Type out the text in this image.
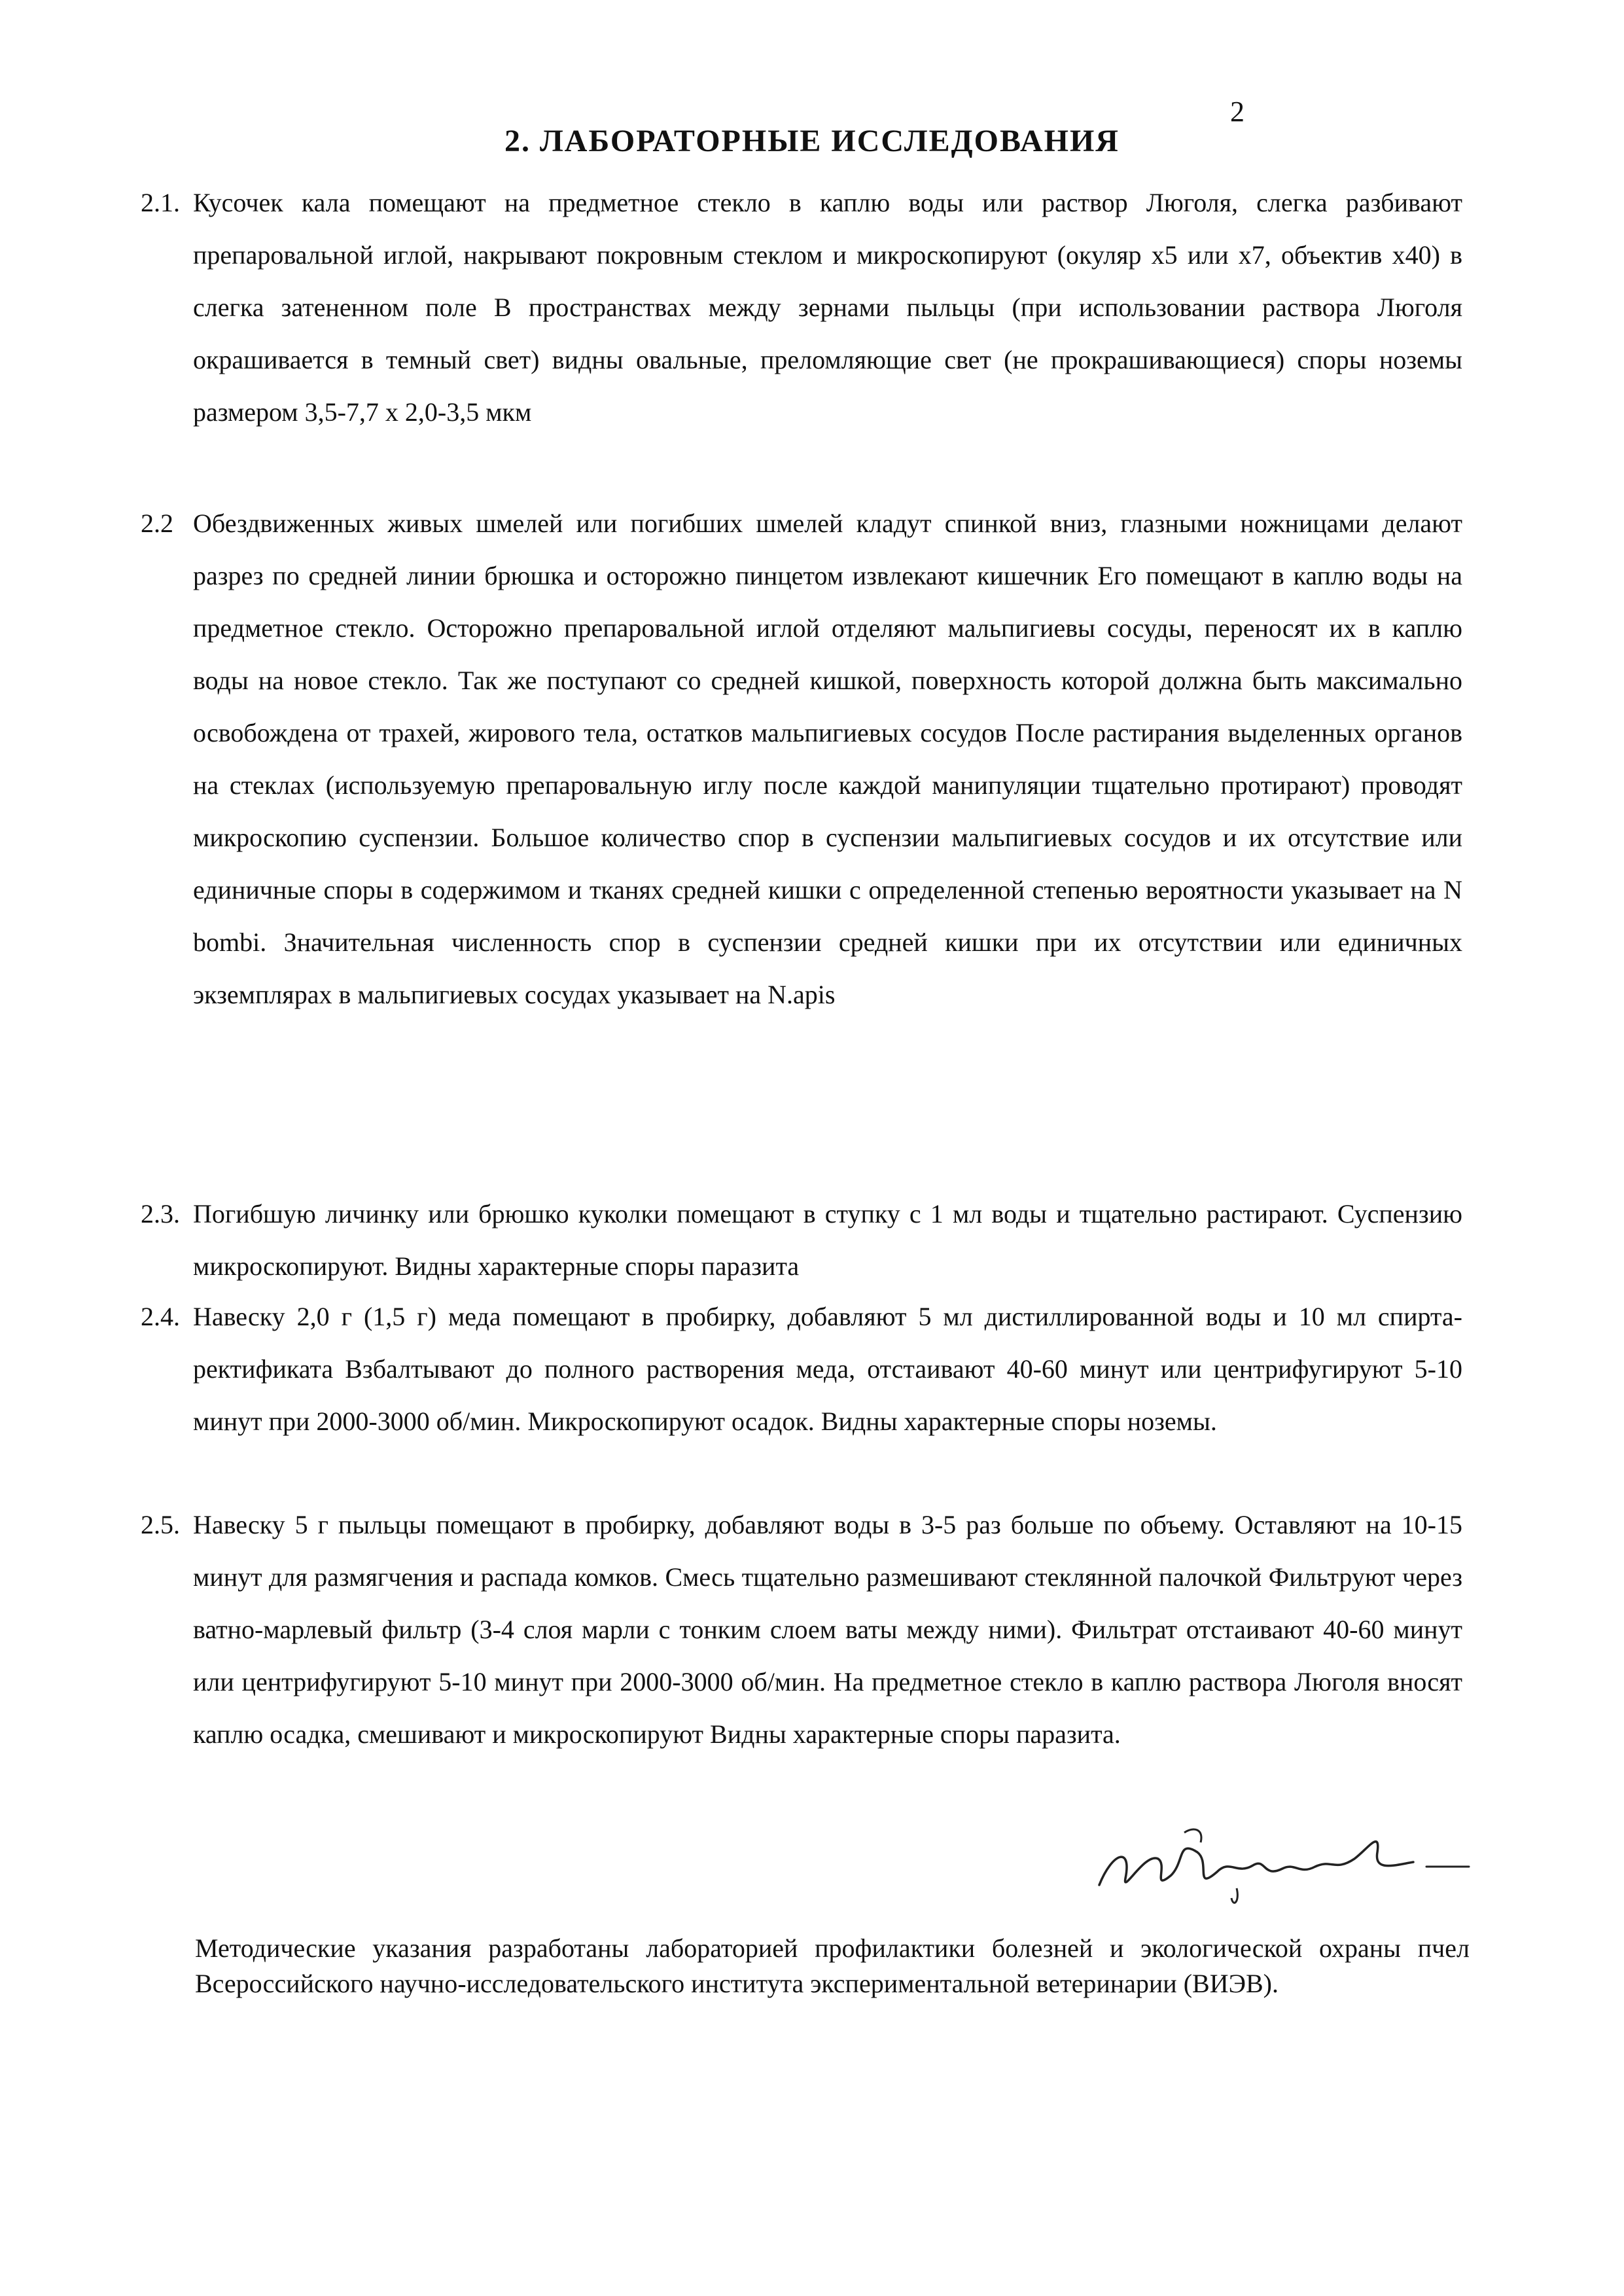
2
2. ЛАБОРАТОРНЫЕ ИССЛЕДОВАНИЯ
2.1. Кусочек кала помещают на предметное стекло в каплю воды или раствор Люголя, слегка разбивают препаровальной иглой, накрывают покровным стеклом и микроскопируют (окуляр х5 или х7, объектив х40) в слегка затененном поле В пространствах между зернами пыльцы (при использовании раствора Люголя окрашивается в темный свет) видны овальные, преломляющие свет (не прокрашивающиеся) споры ноземы размером 3,5-7,7 х 2,0-3,5 мкм
2.2 Обездвиженных живых шмелей или погибших шмелей кладут спинкой вниз, глазными ножницами делают разрез по средней линии брюшка и осторожно пинцетом извлекают кишечник Его помещают в каплю воды на предметное стекло. Осторожно препаровальной иглой отделяют мальпигиевы сосуды, переносят их в каплю воды на новое стекло. Так же поступают со средней кишкой, поверхность которой должна быть максимально освобождена от трахей, жирового тела, остатков мальпигиевых сосудов После растирания выделенных органов на стеклах (используемую препаровальную иглу после каждой манипуляции тщательно протирают) проводят микроскопию суспензии. Большое количество спор в суспензии мальпигиевых сосудов и их отсутствие или единичные споры в содержимом и тканях средней кишки с определенной степенью вероятности указывает на N bombi. Значительная численность спор в суспензии средней кишки при их отсутствии или единичных экземплярах в мальпигиевых сосудах указывает на N.apis
2.3. Погибшую личинку или брюшко куколки помещают в ступку с 1 мл воды и тщательно растирают. Суспензию микроскопируют. Видны характерные споры паразита
2.4. Навеску 2,0 г (1,5 г) меда помещают в пробирку, добавляют 5 мл дистиллированной воды и 10 мл спирта-ректификата Взбалтывают до полного растворения меда, отстаивают 40-60 минут или центрифугируют 5-10 минут при 2000-3000 об/мин. Микроскопируют осадок. Видны характерные споры ноземы.
2.5. Навеску 5 г пыльцы помещают в пробирку, добавляют воды в 3-5 раз больше по объему. Оставляют на 10-15 минут для размягчения и распада комков. Смесь тщательно размешивают стеклянной палочкой Фильтруют через ватно-марлевый фильтр (3-4 слоя марли с тонким слоем ваты между ними). Фильтрат отстаивают 40-60 минут или центрифугируют 5-10 минут при 2000-3000 об/мин. На предметное стекло в каплю раствора Люголя вносят каплю осадка, смешивают и микроскопируют Видны характерные споры паразита.
Методические указания разработаны лабораторией профилактики болезней и экологической охраны пчел Всероссийского научно-исследовательского института экспериментальной ветеринарии (ВИЭВ).
